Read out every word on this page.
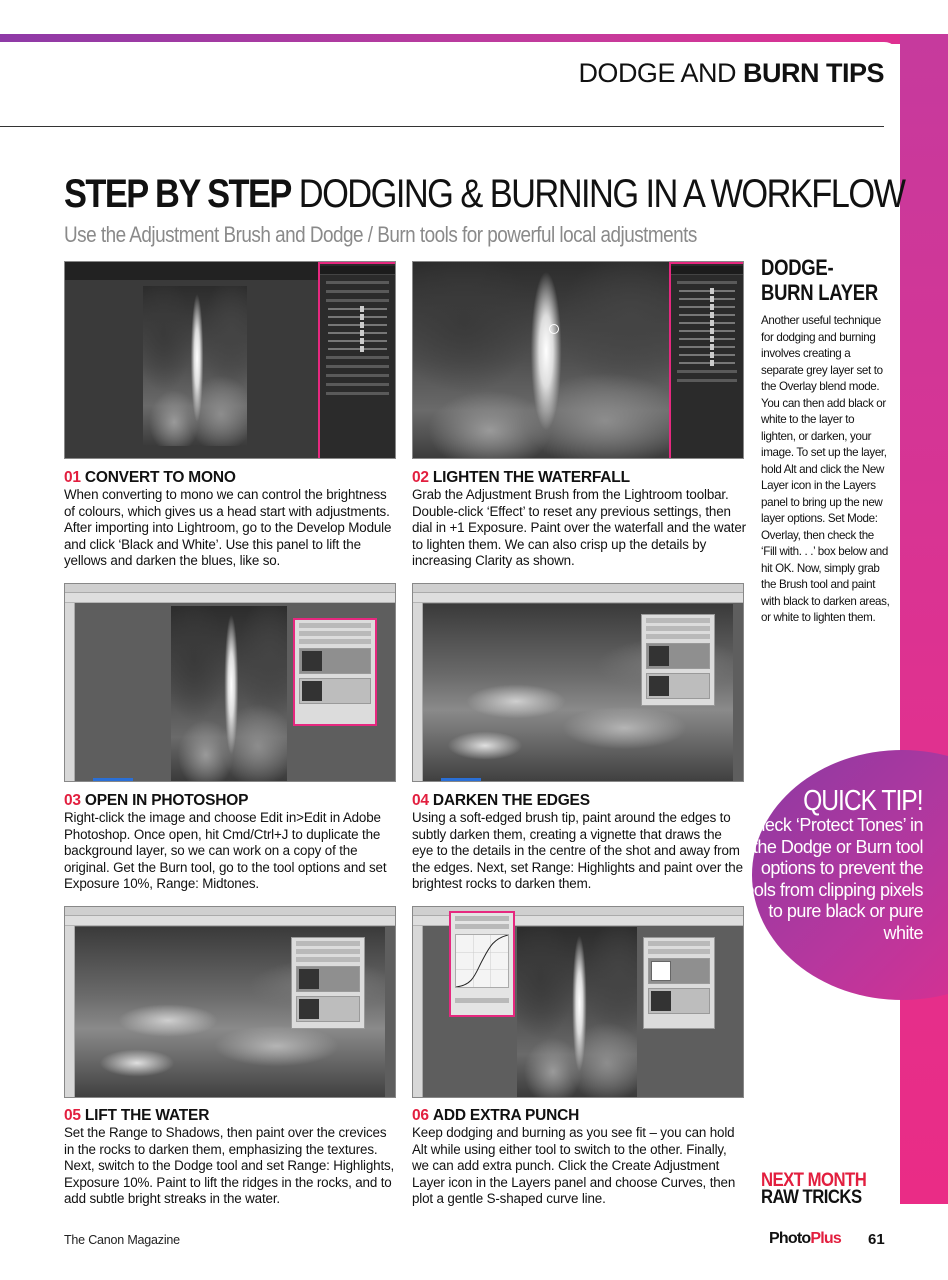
DODGE AND BURN TIPS
STEP BY STEP DODGING & BURNING IN A WORKFLOW
Use the Adjustment Brush and Dodge / Burn tools for powerful local adjustments
01 CONVERT TO MONO
When converting to mono we can control the brightness of colours, which gives us a head start with adjustments. After importing into Lightroom, go to the Develop Module and click ‘Black and White’. Use this panel to lift the yellows and darken the blues, like so.
02 LIGHTEN THE WATERFALL
Grab the Adjustment Brush from the Lightroom toolbar. Double-click ‘Effect’ to reset any previous settings, then dial in +1 Exposure. Paint over the waterfall and the water to lighten them. We can also crisp up the details by increasing Clarity as shown.
03 OPEN IN PHOTOSHOP
Right-click the image and choose Edit in>Edit in Adobe Photoshop. Once open, hit Cmd/Ctrl+J to duplicate the background layer, so we can work on a copy of the original. Get the Burn tool, go to the tool options and set Exposure 10%, Range: Midtones.
04 DARKEN THE EDGES
Using a soft-edged brush tip, paint around the edges to subtly darken them, creating a vignette that draws the eye to the details in the centre of the shot and away from the edges. Next, set Range: Highlights and paint over the brightest rocks to darken them.
05 LIFT THE WATER
Set the Range to Shadows, then paint over the crevices in the rocks to darken them, emphasizing the textures. Next, switch to the Dodge tool and set Range: Highlights, Exposure 10%. Paint to lift the ridges in the rocks, and to add subtle bright streaks in the water.
06 ADD EXTRA PUNCH
Keep dodging and burning as you see fit – you can hold Alt while using either tool to switch to the other. Finally, we can add extra punch. Click the Create Adjustment Layer icon in the Layers panel and choose Curves, then plot a gentle S-shaped curve line.
DODGE-BURN LAYER
Another useful technique for dodging and burning involves creating a separate grey layer set to the Overlay blend mode. You can then add black or white to the layer to lighten, or darken, your image. To set up the layer, hold Alt and click the New Layer icon in the Layers panel to bring up the new layer options. Set Mode: Overlay, then check the ‘Fill with. . .’ box below and hit OK. Now, simply grab the Brush tool and paint with black to darken areas, or white to lighten them.
QUICK TIP!
Check ‘Protect Tones’ in the Dodge or Burn tool options to prevent the tools from clipping pixels to pure black or pure white
NEXT MONTH
RAW TRICKS
The Canon Magazine	PhotoPlus 61
